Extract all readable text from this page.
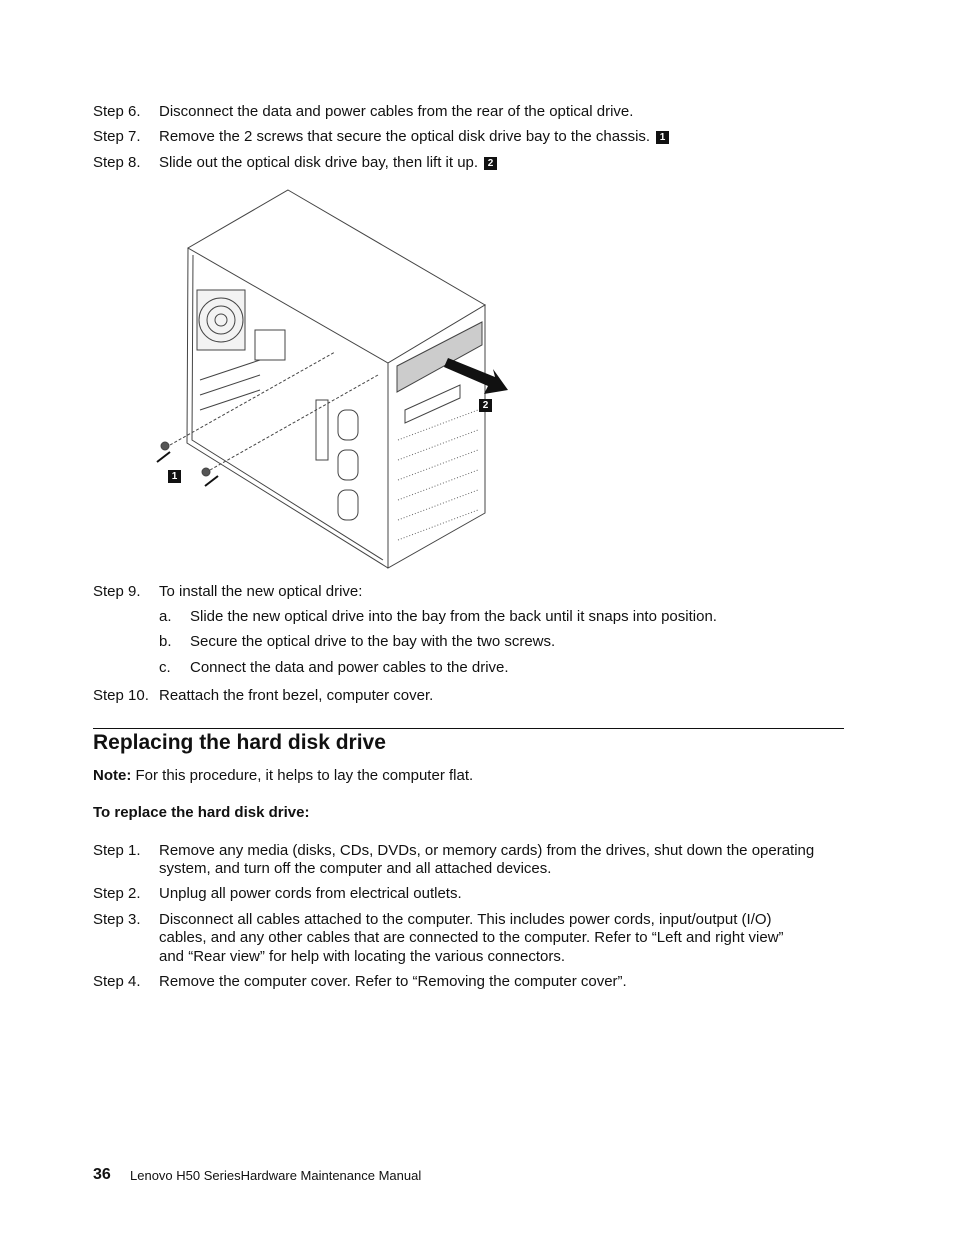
Step 6. Disconnect the data and power cables from the rear of the optical drive.
Step 7. Remove the 2 screws that secure the optical disk drive bay to the chassis. 1
Step 8. Slide out the optical disk drive bay, then lift it up. 2
1
2
Step 9. To install the new optical drive:
a. Slide the new optical drive into the bay from the back until it snaps into position.
b. Secure the optical drive to the bay with the two screws.
c. Connect the data and power cables to the drive.
Step 10. Reattach the front bezel, computer cover.
Replacing the hard disk drive
Note: For this procedure, it helps to lay the computer flat.
To replace the hard disk drive:
Step 1. Remove any media (disks, CDs, DVDs, or memory cards) from the drives, shut down the operating
system, and turn off the computer and all attached devices.
Step 2. Unplug all power cords from electrical outlets.
Step 3. Disconnect all cables attached to the computer. This includes power cords, input/output (I/O)
cables, and any other cables that are connected to the computer. Refer to “Left and right view”
and “Rear view” for help with locating the various connectors.
Step 4. Remove the computer cover. Refer to “Removing the computer cover”.
36 Lenovo H50 SeriesHardware Maintenance Manual
